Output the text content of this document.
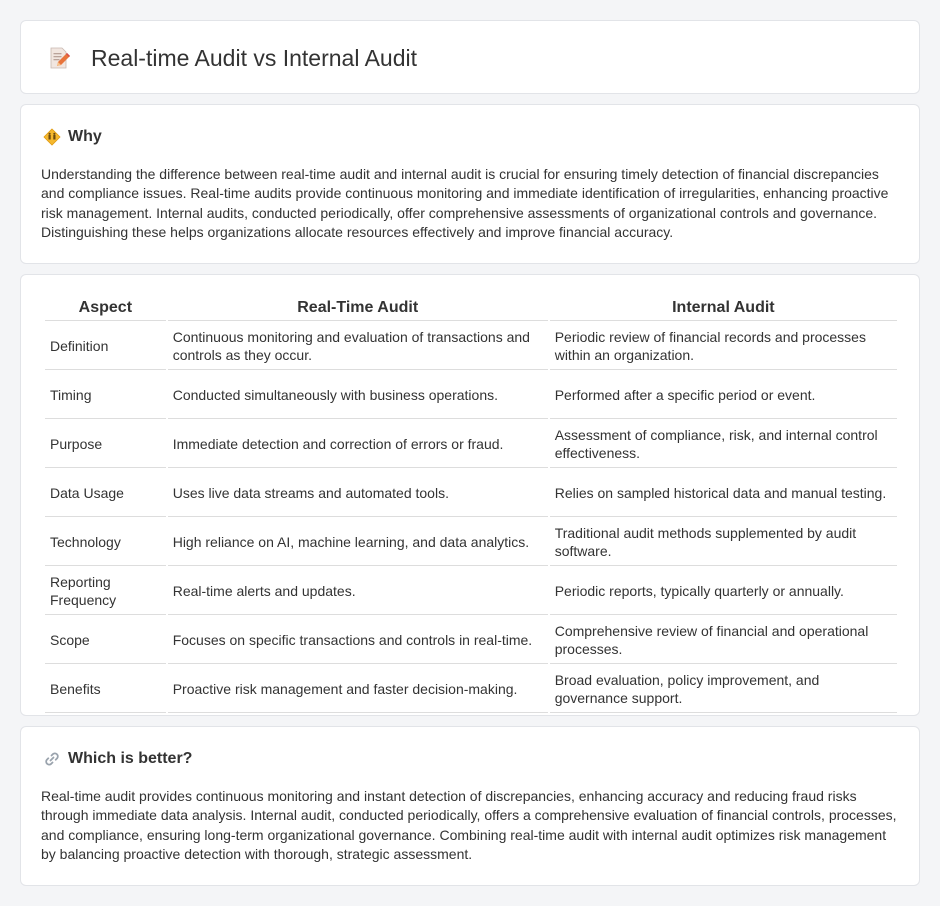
Real-time Audit vs Internal Audit
Why

Understanding the difference between real-time audit and internal audit is crucial for ensuring timely detection of financial discrepancies and compliance issues. Real-time audits provide continuous monitoring and immediate identification of irregularities, enhancing proactive risk management. Internal audits, conducted periodically, offer comprehensive assessments of organizational controls and governance. Distinguishing these helps organizations allocate resources effectively and improve financial accuracy.

Aspect	Real-Time Audit	Internal Audit
Definition	Continuous monitoring and evaluation of transactions and controls as they occur.	Periodic review of financial records and processes within an organization.
Timing	Conducted simultaneously with business operations.	Performed after a specific period or event.
Purpose	Immediate detection and correction of errors or fraud.	Assessment of compliance, risk, and internal control effectiveness.
Data Usage	Uses live data streams and automated tools.	Relies on sampled historical data and manual testing.
Technology	High reliance on AI, machine learning, and data analytics.	Traditional audit methods supplemented by audit software.
Reporting Frequency	Real-time alerts and updates.	Periodic reports, typically quarterly or annually.
Scope	Focuses on specific transactions and controls in real-time.	Comprehensive review of financial and operational processes.
Benefits	Proactive risk management and faster decision-making.	Broad evaluation, policy improvement, and governance support.
Which is better?

Real-time audit provides continuous monitoring and instant detection of discrepancies, enhancing accuracy and reducing fraud risks through immediate data analysis. Internal audit, conducted periodically, offers a comprehensive evaluation of financial controls, processes, and compliance, ensuring long-term organizational governance. Combining real-time audit with internal audit optimizes risk management by balancing proactive detection with thorough, strategic assessment.
